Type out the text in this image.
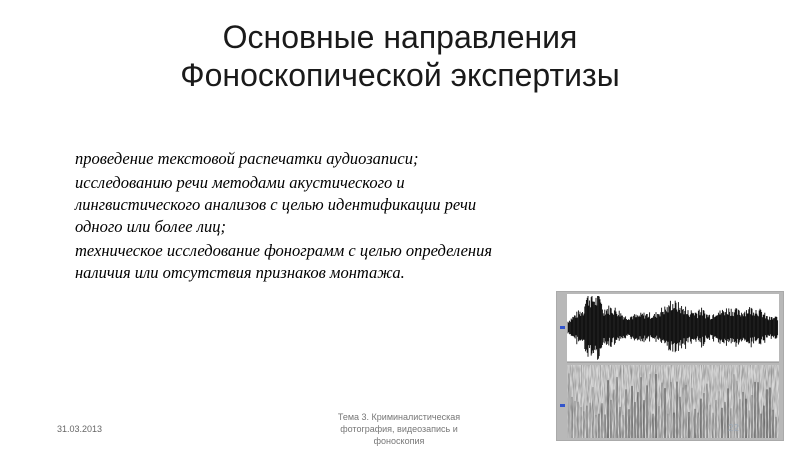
Основные направления
Фоноскопической экспертизы
проведение текстовой распечатки аудиозаписи;
исследованию речи методами акустического и
лингвистического анализов с целью идентификации речи
одного или более лиц;
техническое исследование фонограмм с целью определения
наличия или отсутствия признаков монтажа.
31.03.2013
Тема 3. Криминалистическая
фотография, видеозапись и
фоноскопия
22
